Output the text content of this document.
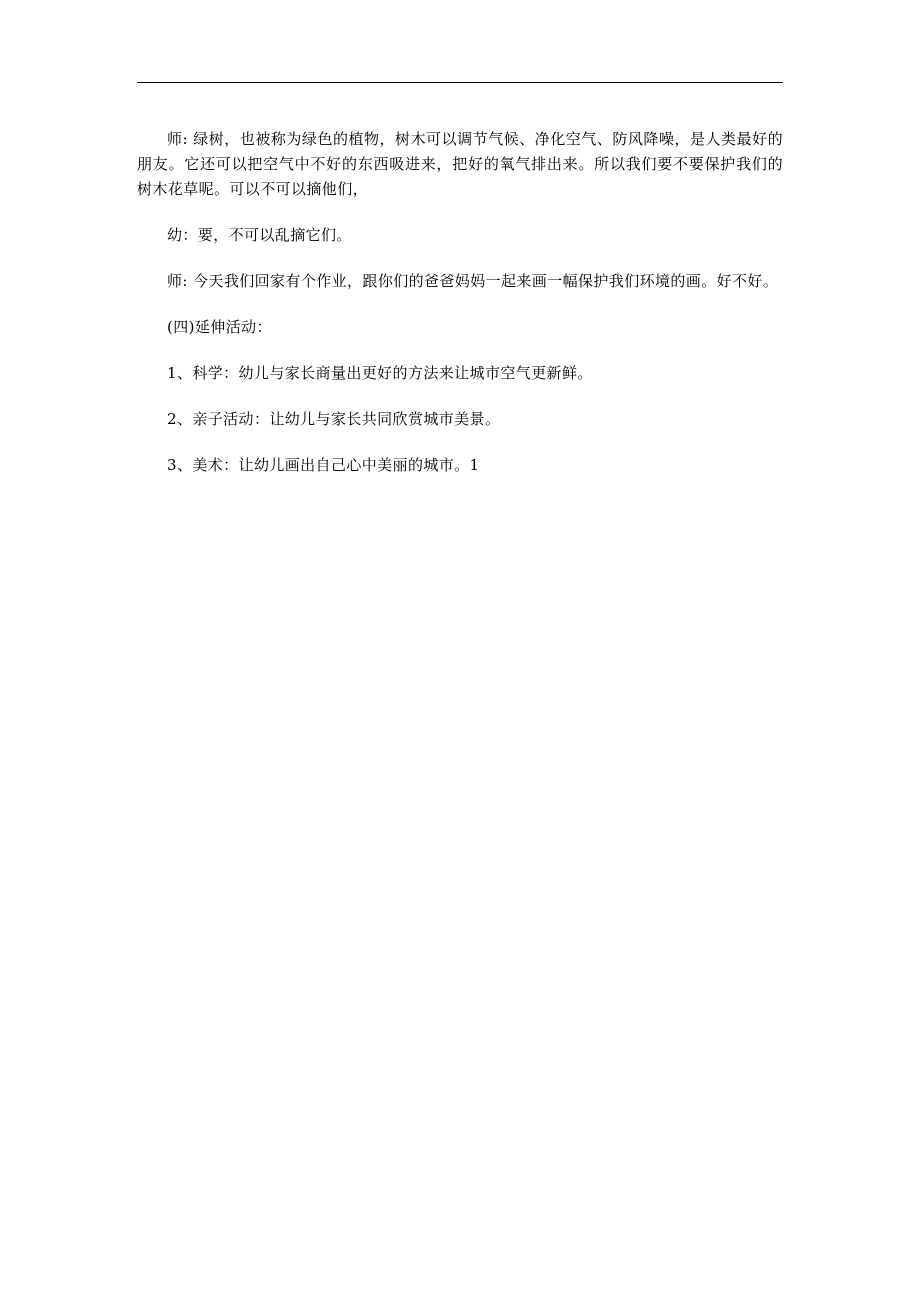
师: 绿树，也被称为绿色的植物，树木可以调节气候、净化空气、防风降噪，是人类最好的朋友。它还可以把空气中不好的东西吸进来，把好的氧气排出来。所以我们要不要保护我们的树木花草呢。可以不可以摘他们，

幼：要，不可以乱摘它们。

师: 今天我们回家有个作业，跟你们的爸爸妈妈一起来画一幅保护我们环境的画。好不好。

(四)延伸活动：

1、科学：幼儿与家长商量出更好的方法来让城市空气更新鲜。

2、亲子活动：让幼儿与家长共同欣赏城市美景。

3、美术：让幼儿画出自己心中美丽的城市。1
